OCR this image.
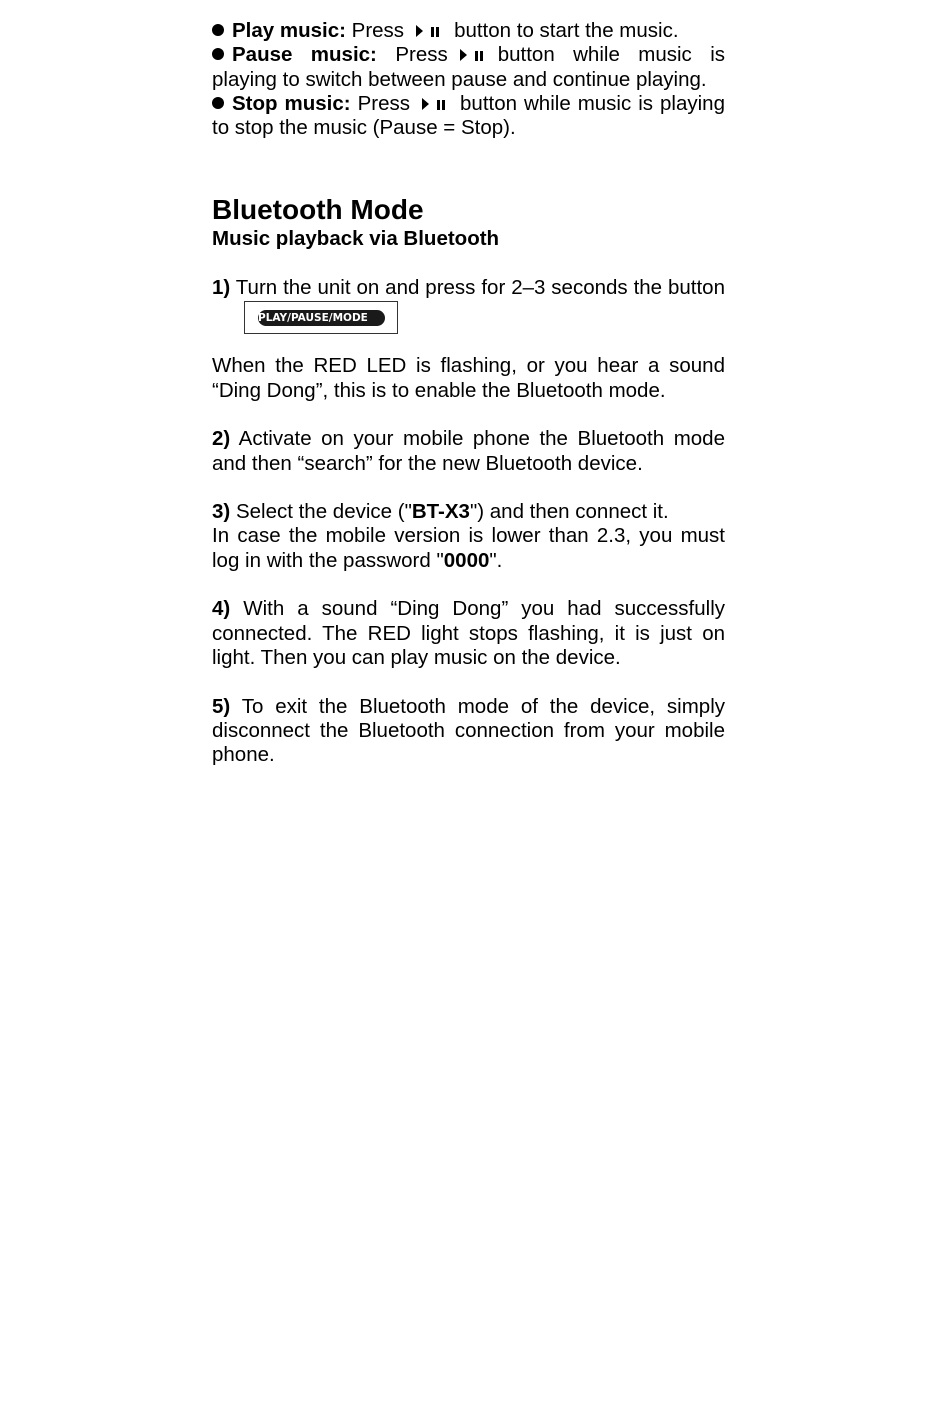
Play music: Press button to start the music.
Pause music: Press button while music is playing to switch between pause and continue playing.
Stop music: Press button while music is playing to stop the music (Pause = Stop).
Bluetooth Mode
Music playback via Bluetooth

1) Turn the unit on and press for 2–3 seconds the button
PLAY/PAUSE/MODE

When the RED LED is flashing, or you hear a sound “Ding Dong”, this is to enable the Bluetooth mode.

2) Activate on your mobile phone the Bluetooth mode and then “search” for the new Bluetooth device.

3) Select the device ("BT-X3") and then connect it.

In case the mobile version is lower than 2.3, you must log in with the password "0000".

4) With a sound “Ding Dong” you had successfully connected. The RED light stops flashing, it is just on light. Then you can play music on the device.

5) To exit the Bluetooth mode of the device, simply disconnect the Bluetooth connection from your mobile phone.
